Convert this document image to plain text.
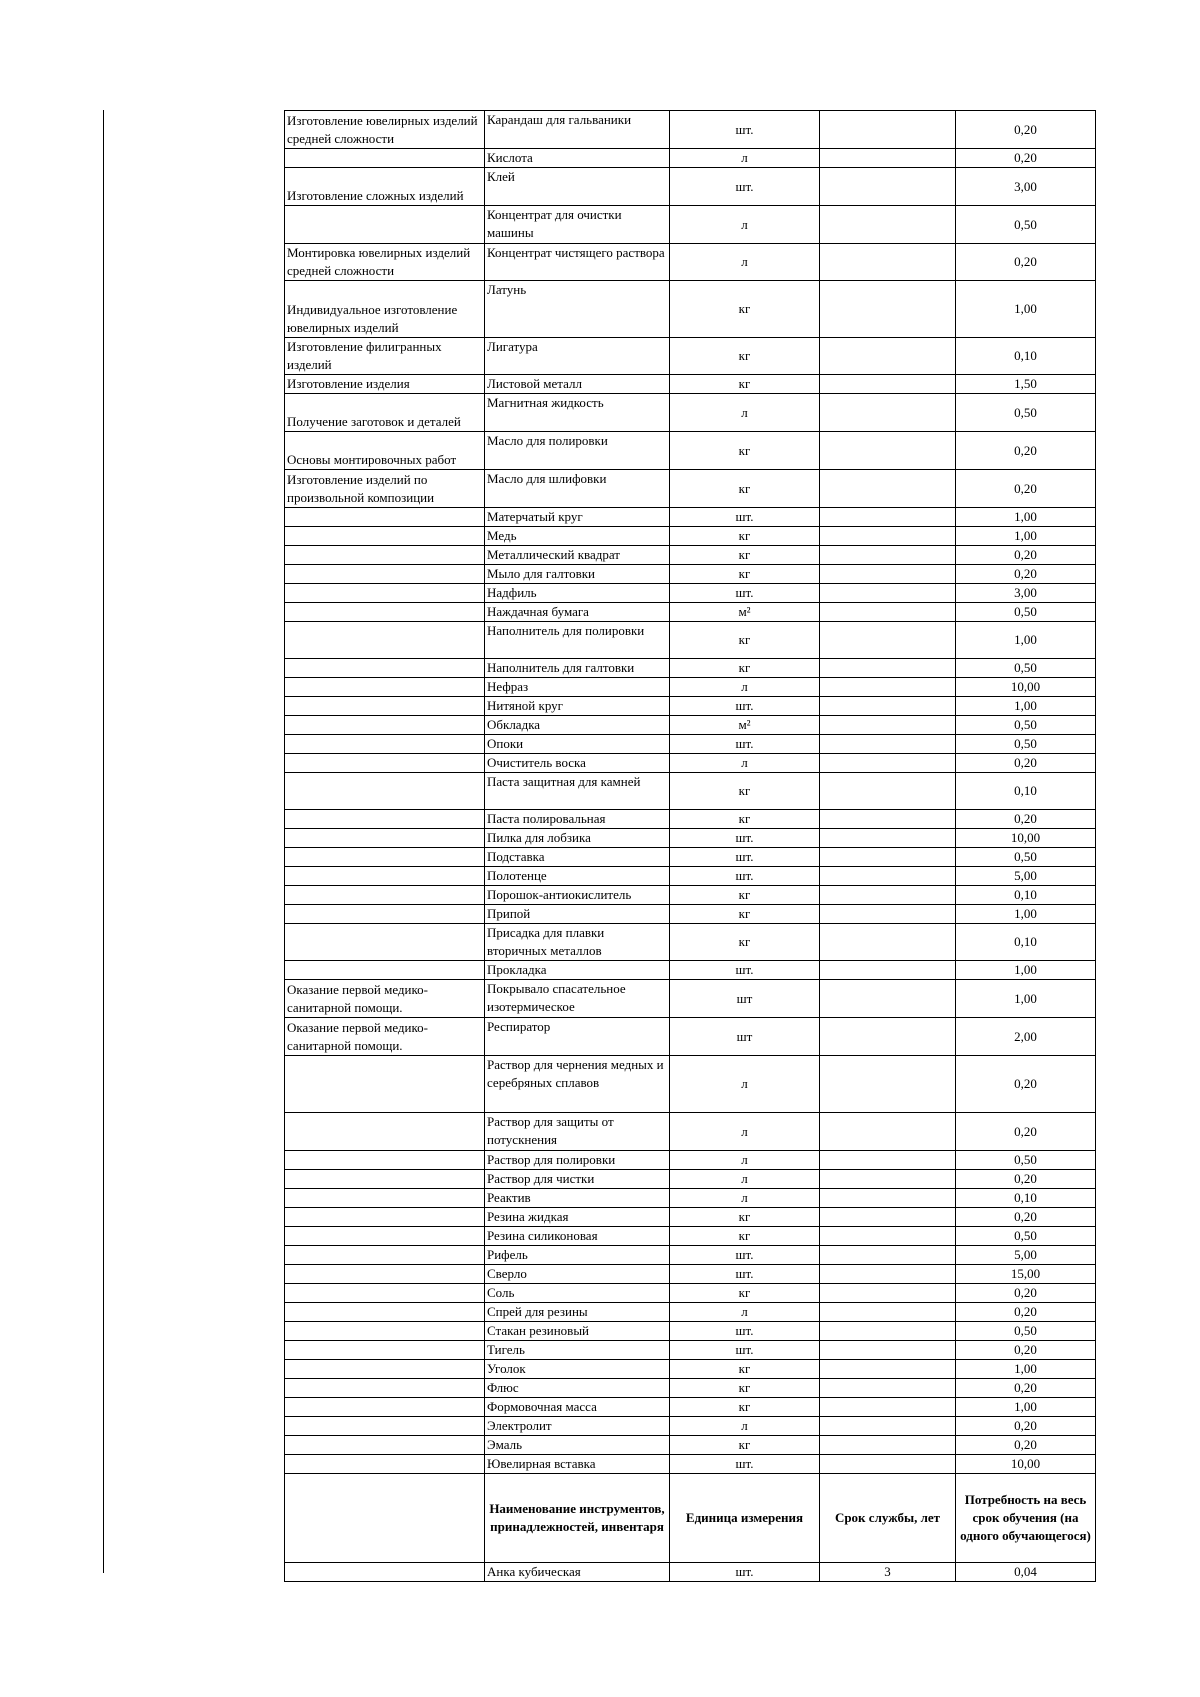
Изготовление ювелирных изделий средней сложности	Карандаш для гальваники	шт.		0,20
	Кислота	л		0,20
Изготовление сложных изделий	Клей	шт.		3,00
	Концентрат для очистки машины	л		0,50
Монтировка ювелирных изделий средней сложности	Концентрат чистящего раствора	л		0,20
Индивидуальное изготовление ювелирных изделий	Латунь	кг		1,00
Изготовление филигранных изделий	Лигатура	кг		0,10
Изготовление изделия	Листовой металл	кг		1,50
Получение заготовок и деталей	Магнитная жидкость	л		0,50
Основы монтировочных работ	Масло для полировки	кг		0,20
Изготовление изделий по произвольной композиции	Масло для шлифовки	кг		0,20
	Матерчатый круг	шт.		1,00
	Медь	кг		1,00
	Металлический квадрат	кг		0,20
	Мыло для галтовки	кг		0,20
	Надфиль	шт.		3,00
	Наждачная бумага	м²		0,50
	Наполнитель для полировки	кг		1,00
	Наполнитель для галтовки	кг		0,50
	Нефраз	л		10,00
	Нитяной круг	шт.		1,00
	Обкладка	м²		0,50
	Опоки	шт.		0,50
	Очиститель воска	л		0,20
	Паста защитная для камней	кг		0,10
	Паста полировальная	кг		0,20
	Пилка для лобзика	шт.		10,00
	Подставка	шт.		0,50
	Полотенце	шт.		5,00
	Порошок-антиокислитель	кг		0,10
	Припой	кг		1,00
	Присадка для плавки вторичных металлов	кг		0,10
	Прокладка	шт.		1,00
Оказание первой медико-санитарной помощи.	Покрывало спасательное изотермическое	шт		1,00
Оказание первой медико-санитарной помощи.	Респиратор	шт		2,00
	Раствор для чернения медных и серебряных сплавов	л		0,20
	Раствор для защиты от потускнения	л		0,20
	Раствор для полировки	л		0,50
	Раствор для чистки	л		0,20
	Реактив	л		0,10
	Резина жидкая	кг		0,20
	Резина силиконовая	кг		0,50
	Рифель	шт.		5,00
	Сверло	шт.		15,00
	Соль	кг		0,20
	Спрей для резины	л		0,20
	Стакан резиновый	шт.		0,50
	Тигель	шт.		0,20
	Уголок	кг		1,00
	Флюс	кг		0,20
	Формовочная масса	кг		1,00
	Электролит	л		0,20
	Эмаль	кг		0,20
	Ювелирная вставка	шт.		10,00
	Наименование инструментов, принадлежностей, инвентаря	Единица измерения	Срок службы, лет	Потребность на весь срок обучения (на одного обучающегося)
	Анка кубическая	шт.	3	0,04
